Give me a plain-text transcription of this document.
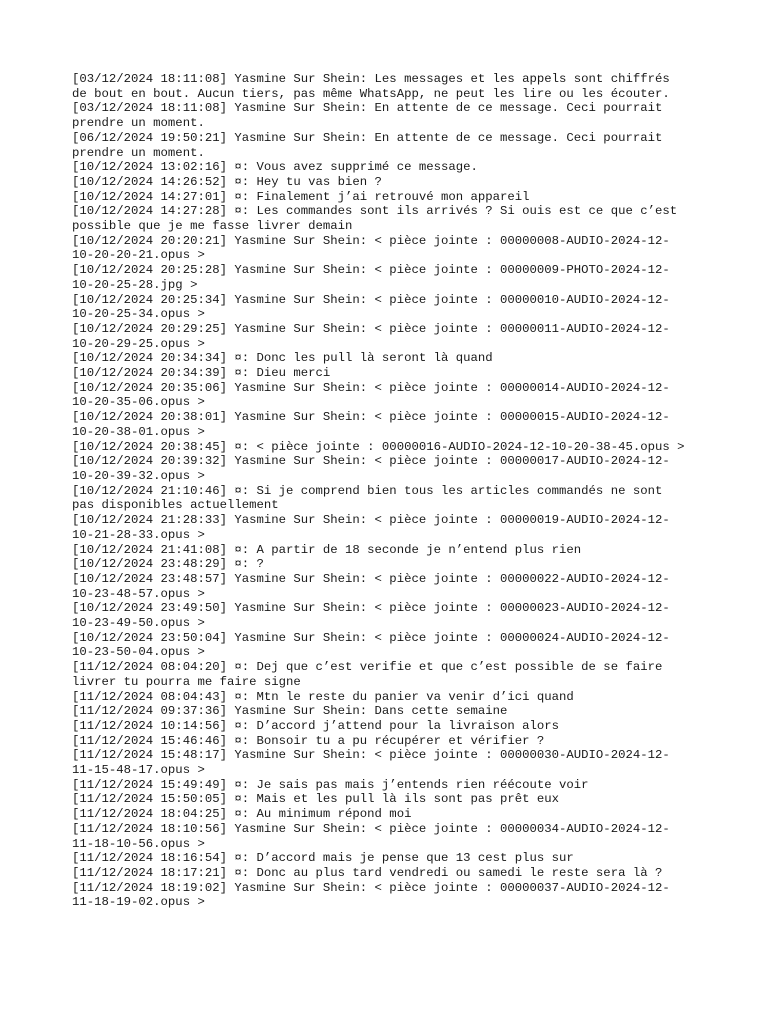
[03/12/2024 18:11:08] Yasmine Sur Shein: Les messages et les appels sont chiffrés

de bout en bout. Aucun tiers, pas même WhatsApp, ne peut les lire ou les écouter.

[03/12/2024 18:11:08] Yasmine Sur Shein: En attente de ce message. Ceci pourrait

prendre un moment.

[06/12/2024 19:50:21] Yasmine Sur Shein: En attente de ce message. Ceci pourrait

prendre un moment.

[10/12/2024 13:02:16] ¤: Vous avez supprimé ce message.

[10/12/2024 14:26:52] ¤: Hey tu vas bien ?

[10/12/2024 14:27:01] ¤: Finalement j’ai retrouvé mon appareil

[10/12/2024 14:27:28] ¤: Les commandes sont ils arrivés ? Si ouis est ce que c’est

possible que je me fasse livrer demain

[10/12/2024 20:20:21] Yasmine Sur Shein: < pièce jointe : 00000008-AUDIO-2024-12-

10-20-20-21.opus >

[10/12/2024 20:25:28] Yasmine Sur Shein: < pièce jointe : 00000009-PHOTO-2024-12-

10-20-25-28.jpg >

[10/12/2024 20:25:34] Yasmine Sur Shein: < pièce jointe : 00000010-AUDIO-2024-12-

10-20-25-34.opus >

[10/12/2024 20:29:25] Yasmine Sur Shein: < pièce jointe : 00000011-AUDIO-2024-12-

10-20-29-25.opus >

[10/12/2024 20:34:34] ¤: Donc les pull là seront là quand

[10/12/2024 20:34:39] ¤: Dieu merci

[10/12/2024 20:35:06] Yasmine Sur Shein: < pièce jointe : 00000014-AUDIO-2024-12-

10-20-35-06.opus >

[10/12/2024 20:38:01] Yasmine Sur Shein: < pièce jointe : 00000015-AUDIO-2024-12-

10-20-38-01.opus >

[10/12/2024 20:38:45] ¤: < pièce jointe : 00000016-AUDIO-2024-12-10-20-38-45.opus >

[10/12/2024 20:39:32] Yasmine Sur Shein: < pièce jointe : 00000017-AUDIO-2024-12-

10-20-39-32.opus >

[10/12/2024 21:10:46] ¤: Si je comprend bien tous les articles commandés ne sont

pas disponibles actuellement

[10/12/2024 21:28:33] Yasmine Sur Shein: < pièce jointe : 00000019-AUDIO-2024-12-

10-21-28-33.opus >

[10/12/2024 21:41:08] ¤: A partir de 18 seconde je n’entend plus rien

[10/12/2024 23:48:29] ¤: ?

[10/12/2024 23:48:57] Yasmine Sur Shein: < pièce jointe : 00000022-AUDIO-2024-12-

10-23-48-57.opus >

[10/12/2024 23:49:50] Yasmine Sur Shein: < pièce jointe : 00000023-AUDIO-2024-12-

10-23-49-50.opus >

[10/12/2024 23:50:04] Yasmine Sur Shein: < pièce jointe : 00000024-AUDIO-2024-12-

10-23-50-04.opus >

[11/12/2024 08:04:20] ¤: Dej que c’est verifie et que c’est possible de se faire

livrer tu pourra me faire signe

[11/12/2024 08:04:43] ¤: Mtn le reste du panier va venir d’ici quand

[11/12/2024 09:37:36] Yasmine Sur Shein: Dans cette semaine

[11/12/2024 10:14:56] ¤: D’accord j’attend pour la livraison alors

[11/12/2024 15:46:46] ¤: Bonsoir tu a pu récupérer et vérifier ?

[11/12/2024 15:48:17] Yasmine Sur Shein: < pièce jointe : 00000030-AUDIO-2024-12-

11-15-48-17.opus >

[11/12/2024 15:49:49] ¤: Je sais pas mais j’entends rien réécoute voir

[11/12/2024 15:50:05] ¤: Mais et les pull là ils sont pas prêt eux

[11/12/2024 18:04:25] ¤: Au minimum répond moi

[11/12/2024 18:10:56] Yasmine Sur Shein: < pièce jointe : 00000034-AUDIO-2024-12-

11-18-10-56.opus >

[11/12/2024 18:16:54] ¤: D’accord mais je pense que 13 cest plus sur

[11/12/2024 18:17:21] ¤: Donc au plus tard vendredi ou samedi le reste sera là ?

[11/12/2024 18:19:02] Yasmine Sur Shein: < pièce jointe : 00000037-AUDIO-2024-12-

11-18-19-02.opus >
